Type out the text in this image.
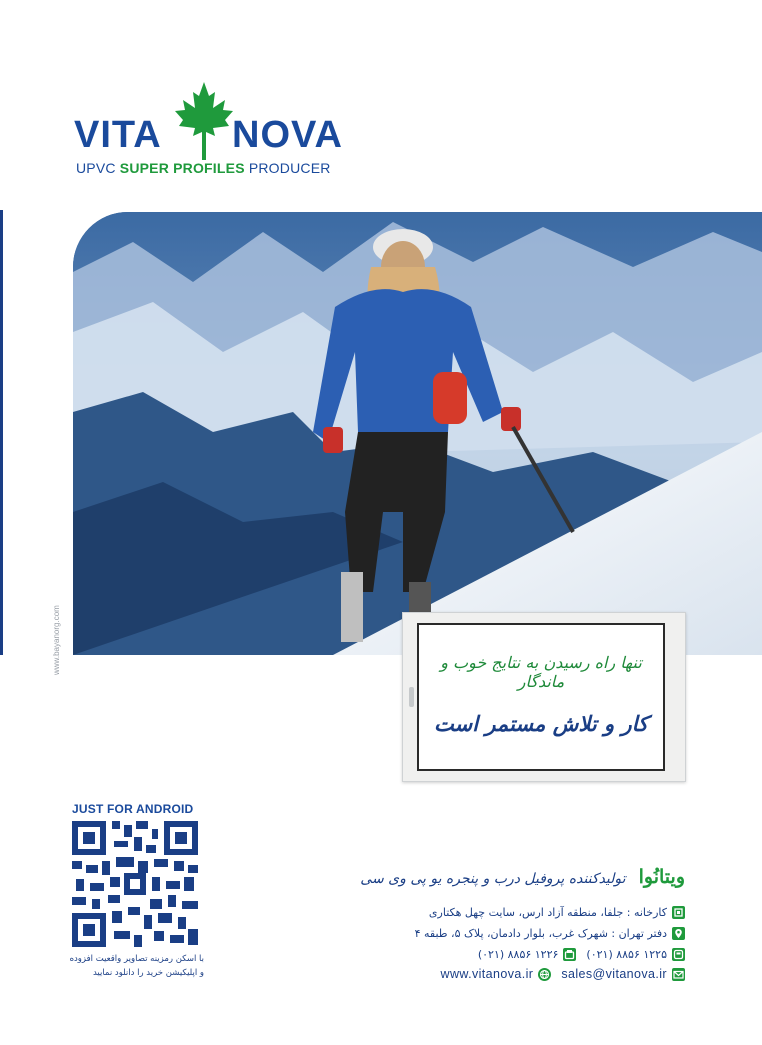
VITA NOVA
UPVC SUPER PROFILES PRODUCER
www.bayanorg.com	تنها راه رسیدن به نتایج خوب و ماندگار
کار و تلاش مستمر است
JUST FOR ANDROID
با اسکن رمزینه تصاویر واقعیت افزوده
و اپلیکیشن خرید را دانلود نمایید
ویتانُوا تولیدکننده پروفیل درب و پنجره یو پی وی سی
کارخانه : جلفا، منطقه آزاد ارس، سایت چهل هکتاری
دفتر تهران : شهرک غرب، بلوار دادمان، پلاک ۵، طبقه ۴
(۰۲۱) ۸۸۵۶ ۱۲۲۵
(۰۲۱) ۸۸۵۶ ۱۲۲۶
sales@vitanova.ir
www.vitanova.ir
